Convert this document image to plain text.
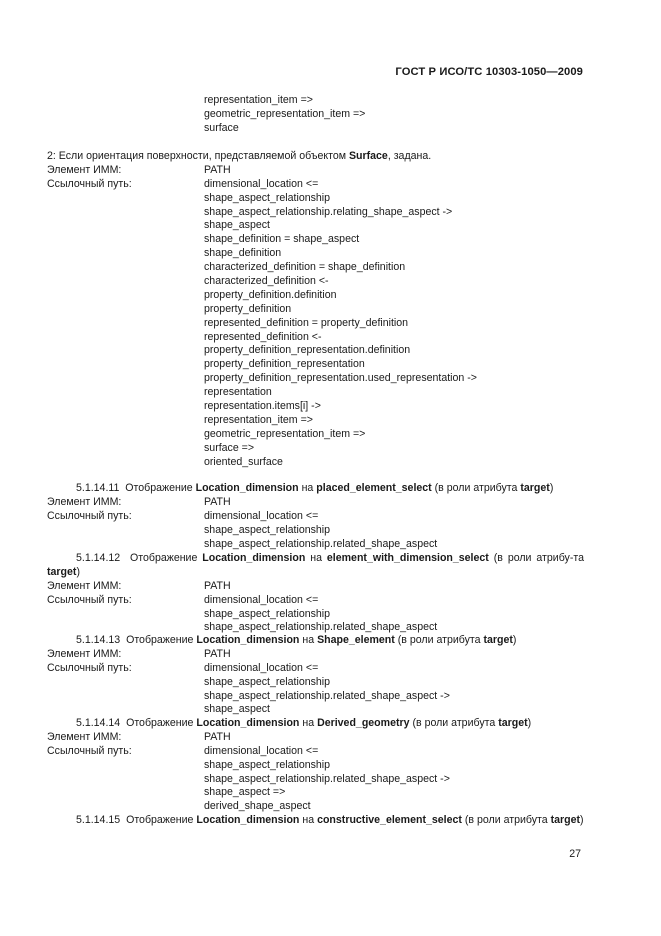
ГОСТ Р ИСО/ТС 10303-1050—2009
representation_item =>
geometric_representation_item =>
surface
2: Если ориентация поверхности, представляемой объектом Surface, задана.
Элемент ИММ:	PATH
Ссылочный путь:	dimensional_location <=
shape_aspect_relationship
shape_aspect_relationship.relating_shape_aspect ->
shape_aspect
shape_definition = shape_aspect
shape_definition
characterized_definition = shape_definition
characterized_definition <-
property_definition.definition
property_definition
represented_definition = property_definition
represented_definition <-
property_definition_representation.definition
property_definition_representation
property_definition_representation.used_representation ->
representation
representation.items[i] ->
representation_item =>
geometric_representation_item =>
surface =>
oriented_surface
5.1.14.11 Отображение Location_dimension на placed_element_select (в роли атрибута target)
Элемент ИММ:	PATH
Ссылочный путь:	dimensional_location <=
shape_aspect_relationship
shape_aspect_relationship.related_shape_aspect
5.1.14.12 Отображение Location_dimension на element_with_dimension_select (в роли атрибу-та target)
Элемент ИММ:	PATH
Ссылочный путь:	dimensional_location <=
shape_aspect_relationship
shape_aspect_relationship.related_shape_aspect
5.1.14.13 Отображение Location_dimension на Shape_element (в роли атрибута target)
Элемент ИММ:	PATH
Ссылочный путь:	dimensional_location <=
shape_aspect_relationship
shape_aspect_relationship.related_shape_aspect ->
shape_aspect
5.1.14.14 Отображение Location_dimension на Derived_geometry (в роли атрибута target)
Элемент ИММ:	PATH
Ссылочный путь:	dimensional_location <=
shape_aspect_relationship
shape_aspect_relationship.related_shape_aspect ->
shape_aspect =>
derived_shape_aspect
5.1.14.15 Отображение Location_dimension на constructive_element_select (в роли атрибута target)
27
